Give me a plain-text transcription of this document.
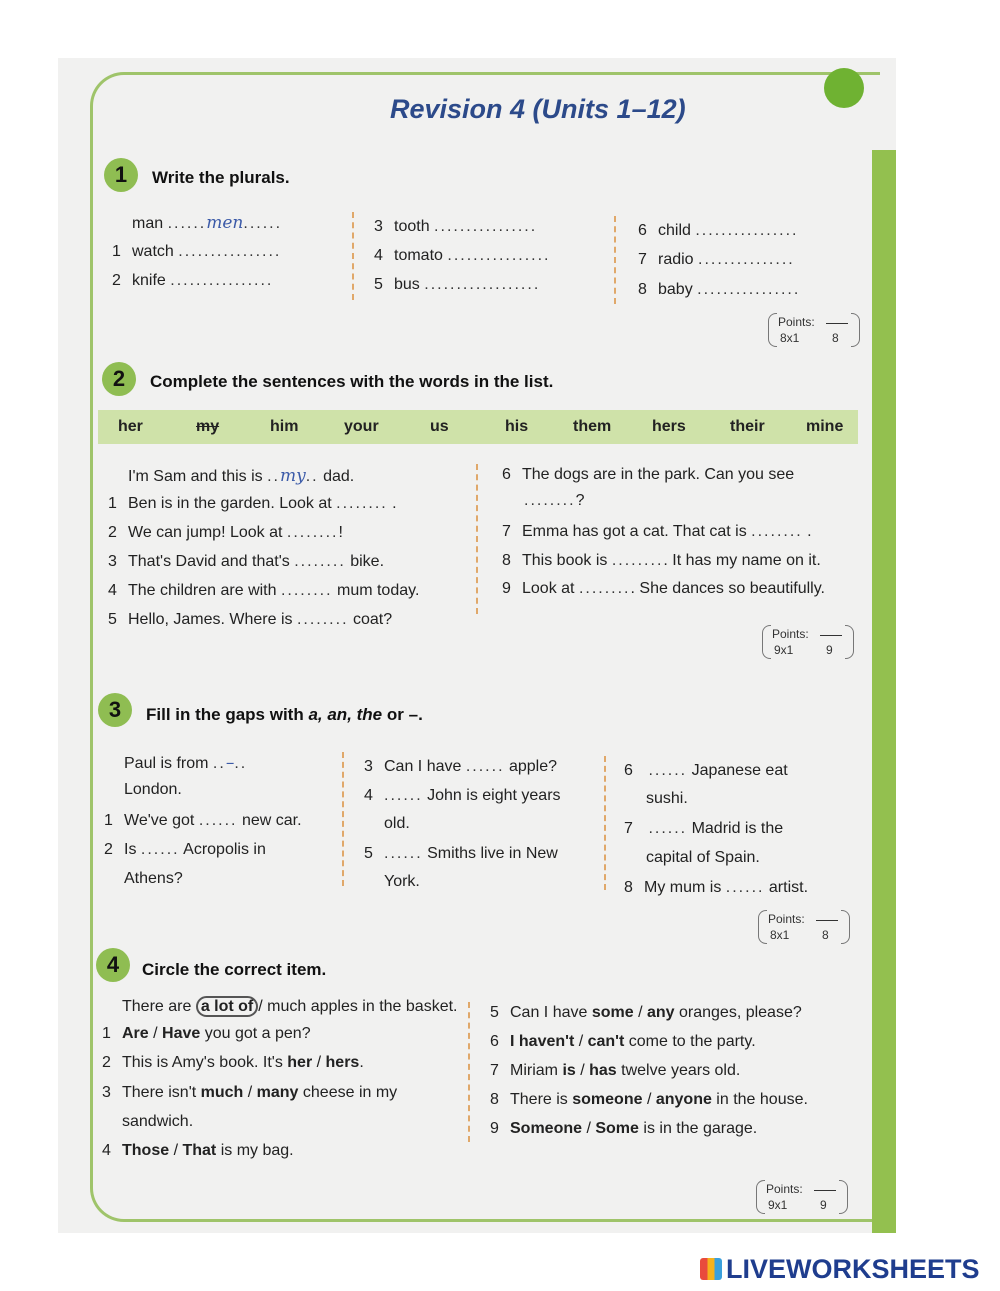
Revision 4 (Units 1–12)
1	Write the plurals.
man ......men......
1 watch ................
2 knife ................
3 tooth ................
4 tomato ................
5 bus ..................
6 child ................
7 radio ...............
8 baby ................
Points:
8x1	8
2	Complete the sentences with the words in the list.
her	my	him	your	us	his	them	hers	their	mine
I'm Sam and this is ..my.. dad.
1 Ben is in the garden. Look at ........ .
2 We can jump! Look at ........!
3 That's David and that's ........ bike.
4 The children are with ........ mum today.
5 Hello, James. Where is ........ coat?
6 The dogs are in the park. Can you see
........?
7 Emma has got a cat. That cat is ........ .
8 This book is ......... It has my name on it.
9 Look at ......... She dances so beautifully.
Points:
9x1	9
3	Fill in the gaps with a, an, the or –.
Paul is from ..–..
London.
1 We've got ...... new car.
2 Is ...... Acropolis in
Athens?
3 Can I have ...... apple?
4 ...... John is eight years
old.
5 ...... Smiths live in New
York.
6 ...... Japanese eat
sushi.
7 ...... Madrid is the
capital of Spain.
8 My mum is ...... artist.
Points:
8x1	8
4	Circle the correct item.
There are a lot of / much apples in the basket.
1 Are / Have you got a pen?
2 This is Amy's book. It's her / hers.
3 There isn't much / many cheese in my
sandwich.
4 Those / That is my bag.
5 Can I have some / any oranges, please?
6 I haven't / can't come to the party.
7 Miriam is / has twelve years old.
8 There is someone / anyone in the house.
9 Someone / Some is in the garage.
Points:
9x1	9
LIVEWORKSHEETS
